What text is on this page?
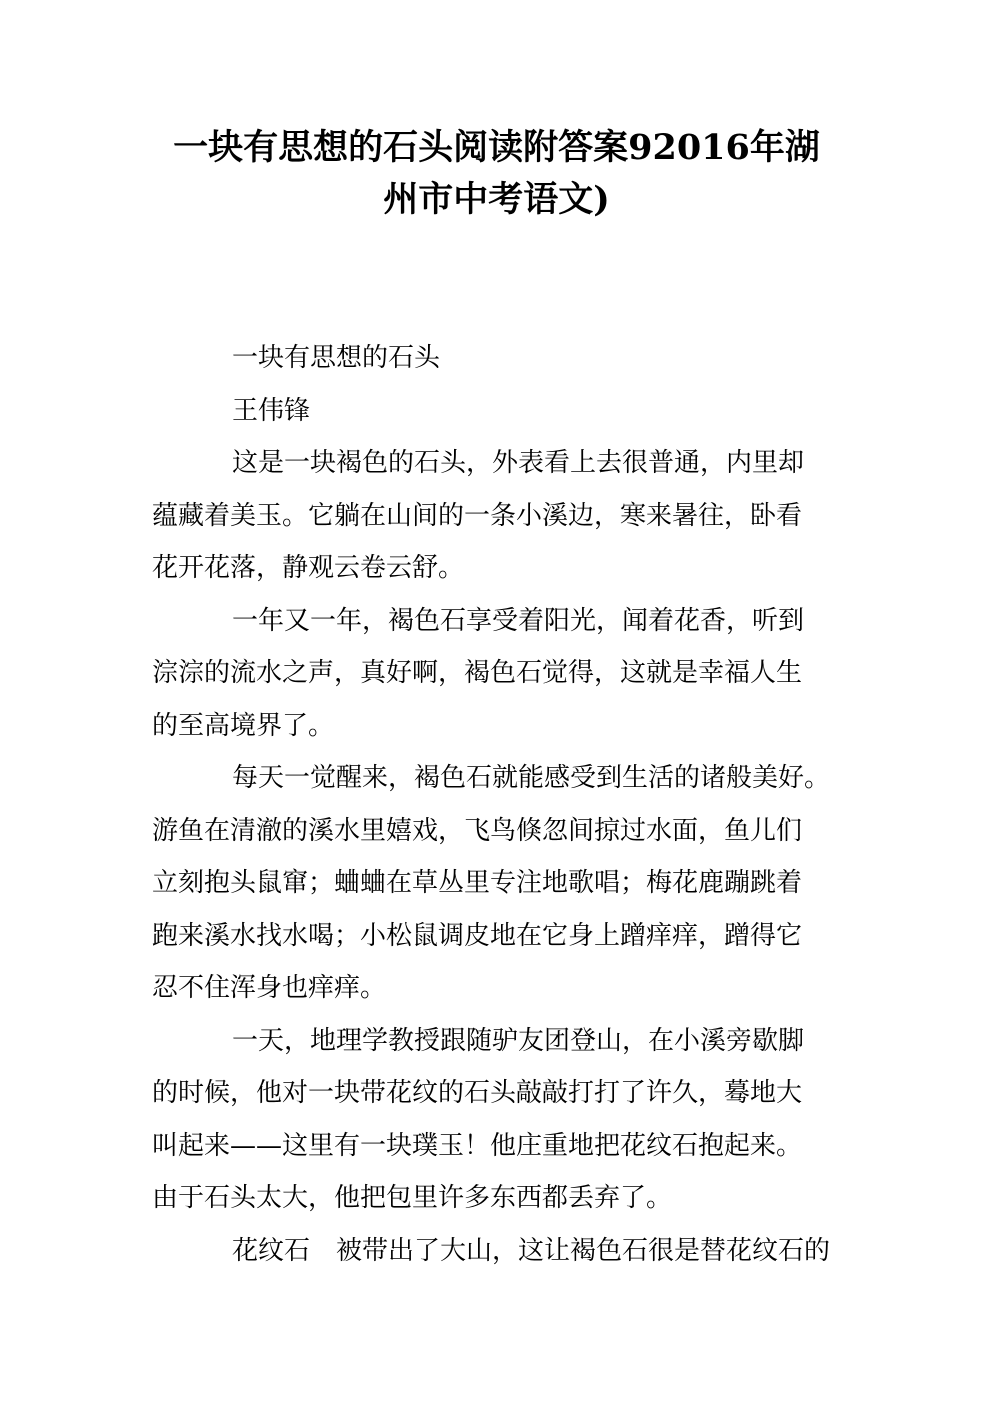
一块有思想的石头阅读附答案92016年湖
州市中考语文)
一块有思想的石头
王伟锋
这是一块褐色的石头，外表看上去很普通，内里却
蕴藏着美玉。它躺在山间的一条小溪边，寒来暑往，卧看
花开花落，静观云卷云舒。
一年又一年，褐色石享受着阳光，闻着花香，听到
淙淙的流水之声，真好啊，褐色石觉得，这就是幸福人生
的至高境界了。
每天一觉醒来，褐色石就能感受到生活的诸般美好。
游鱼在清澈的溪水里嬉戏，飞鸟倏忽间掠过水面，鱼儿们
立刻抱头鼠窜；蛐蛐在草丛里专注地歌唱；梅花鹿蹦跳着
跑来溪水找水喝；小松鼠调皮地在它身上蹭痒痒，蹭得它
忍不住浑身也痒痒。
一天，地理学教授跟随驴友团登山，在小溪旁歇脚
的时候，他对一块带花纹的石头敲敲打打了许久，蓦地大
叫起来——这里有一块璞玉！他庄重地把花纹石抱起来。
由于石头太大，他把包里许多东西都丢弃了。
花纹石　被带出了大山，这让褐色石很是替花纹石的
